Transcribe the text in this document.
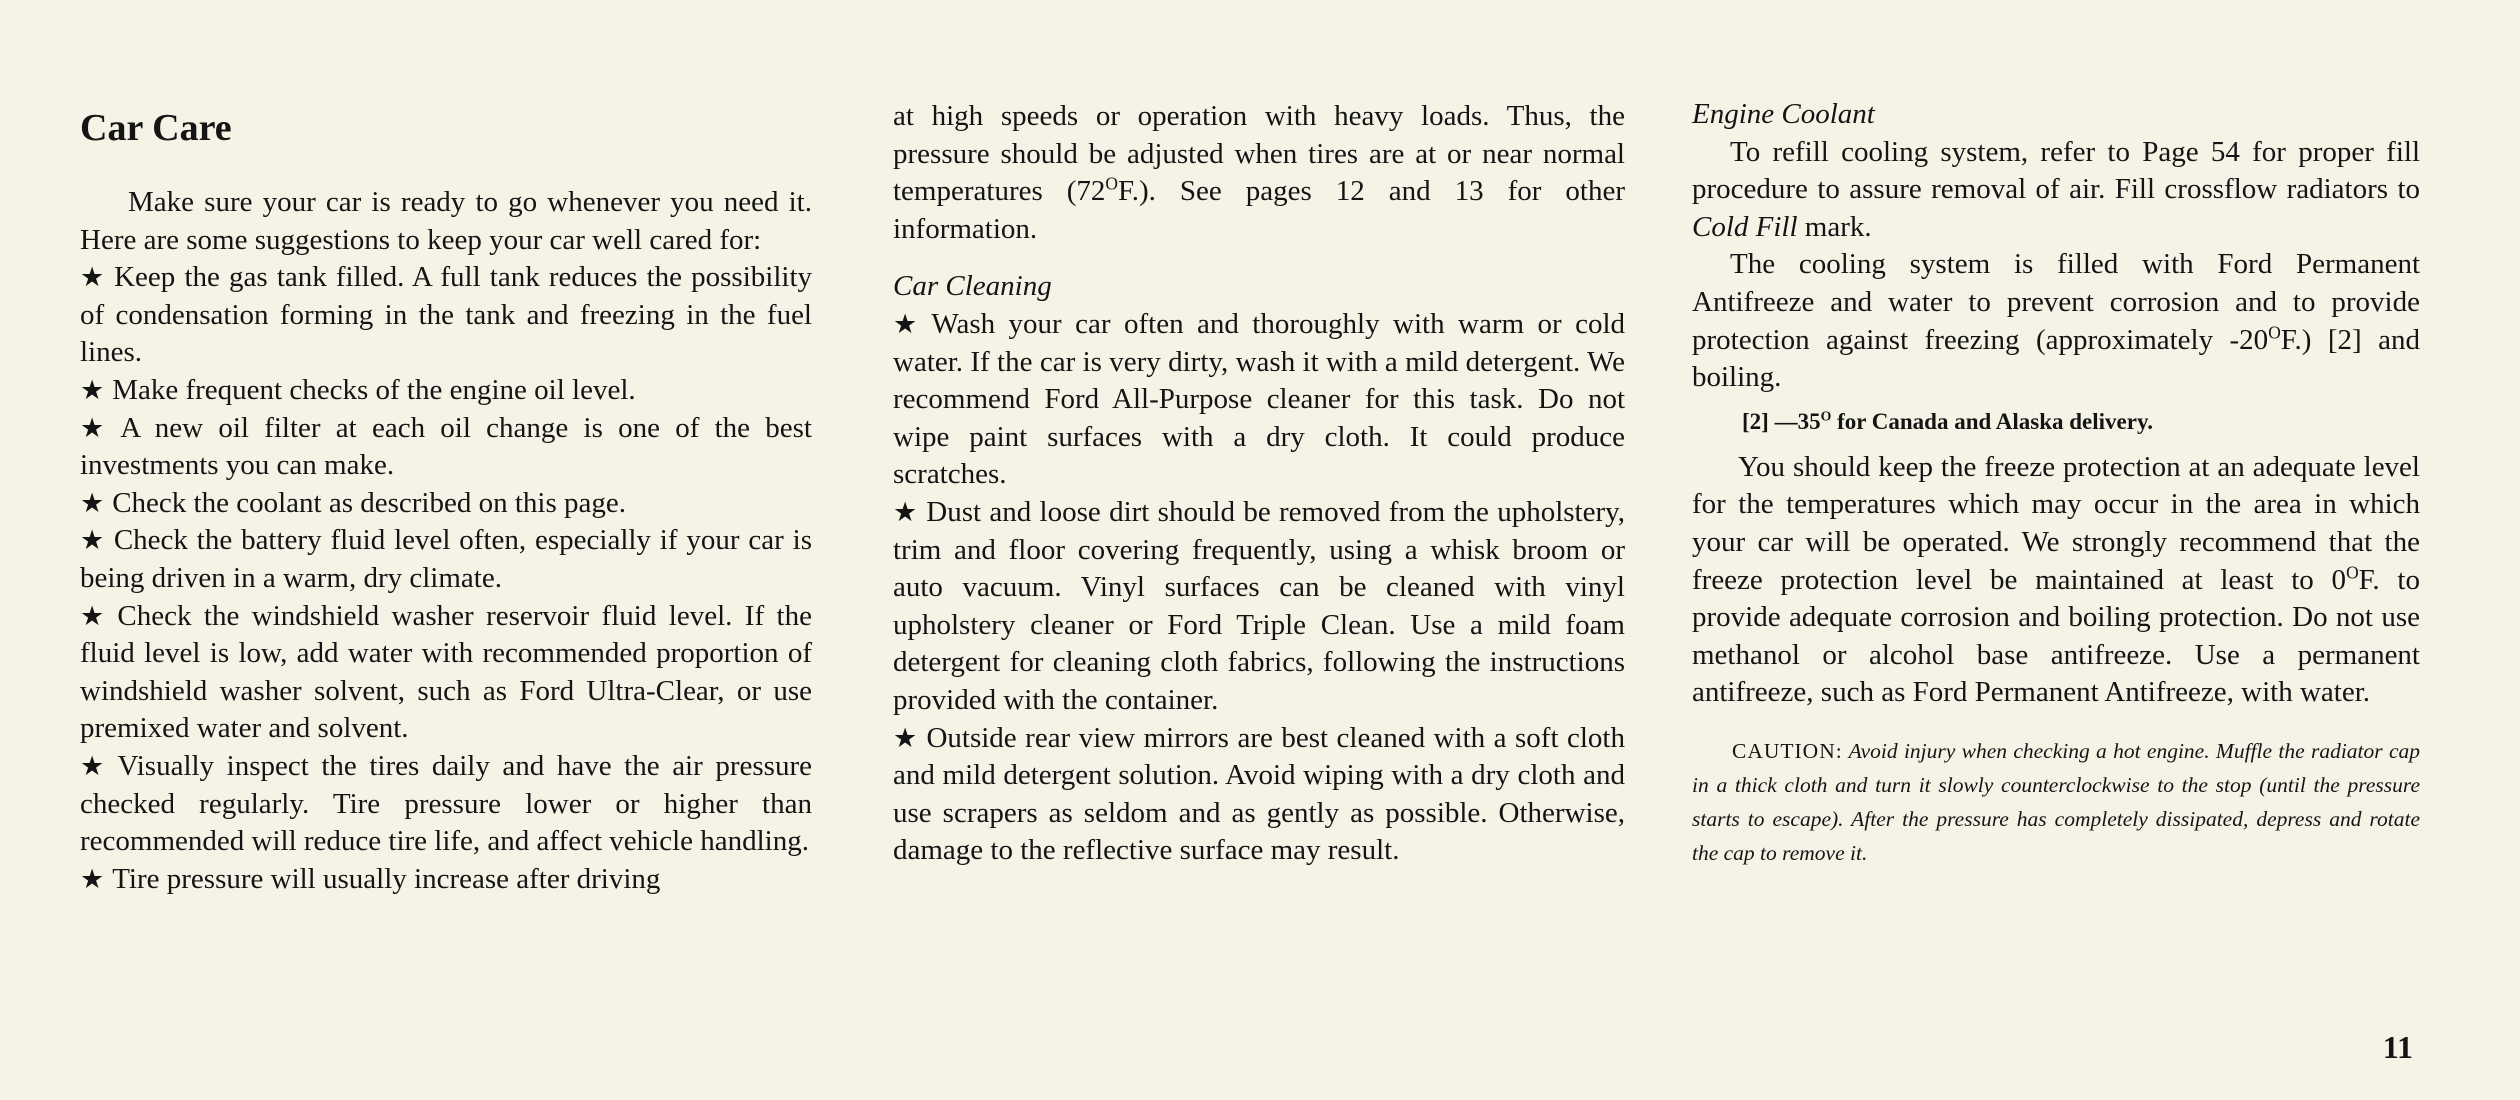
Car Care

Make sure your car is ready to go whenever you need it. Here are some suggestions to keep your car well cared for:

★ Keep the gas tank filled. A full tank reduces the possibility of condensation forming in the tank and freezing in the fuel lines.

★ Make frequent checks of the engine oil level.

★ A new oil filter at each oil change is one of the best investments you can make.

★ Check the coolant as described on this page.

★ Check the battery fluid level often, especially if your car is being driven in a warm, dry climate.

★ Check the windshield washer reservoir fluid level. If the fluid level is low, add water with recommended proportion of windshield washer solvent, such as Ford Ultra-Clear, or use premixed water and solvent.

★ Visually inspect the tires daily and have the air pressure checked regularly. Tire pressure lower or higher than recommended will reduce tire life, and affect vehicle handling.

★ Tire pressure will usually increase after driving

at high speeds or operation with heavy loads. Thus, the pressure should be adjusted when tires are at or near normal temperatures $(72^OF.)$. See pages 12 and 13 for other information.

Car Cleaning

★ Wash your car often and thoroughly with warm or cold water. If the car is very dirty, wash it with a mild detergent. We recommend Ford All-Purpose cleaner for this task. Do not wipe paint surfaces with a dry cloth. It could produce scratches.

★ Dust and loose dirt should be removed from the upholstery, trim and floor covering frequently, using a whisk broom or auto vacuum. Vinyl surfaces can be cleaned with vinyl upholstery cleaner or Ford Triple Clean. Use a mild foam detergent for cleaning cloth fabrics, following the instructions provided with the container.

★ Outside rear view mirrors are best cleaned with a soft cloth and mild detergent solution. Avoid wiping with a dry cloth and use scrapers as seldom and as gently as possible. Otherwise, damage to the reflective surface may result.

Engine Coolant

To refill cooling system, refer to Page 54 for proper fill procedure to assure removal of air. Fill crossflow radiators to Cold Fill mark.

The cooling system is filled with Ford Permanent Antifreeze and water to prevent corrosion and to provide protection against freezing (approximately $-20^OF$.) [2] and boiling.

[2] $—35^O$ for Canada and Alaska delivery.

You should keep the freeze protection at an adequate level for the temperatures which may occur in the area in which your car will be operated. We strongly recommend that the freeze protection level be maintained at least to $0^OF$. to provide adequate corrosion and boiling protection. Do not use methanol or alcohol base antifreeze. Use a permanent antifreeze, such as Ford Permanent Antifreeze, with water.

CAUTION: Avoid injury when checking a hot engine. Muffle the radiator cap in a thick cloth and turn it slowly counterclockwise to the stop (until the pressure starts to escape). After the pressure has completely dissipated, depress and rotate the cap to remove it.

11
